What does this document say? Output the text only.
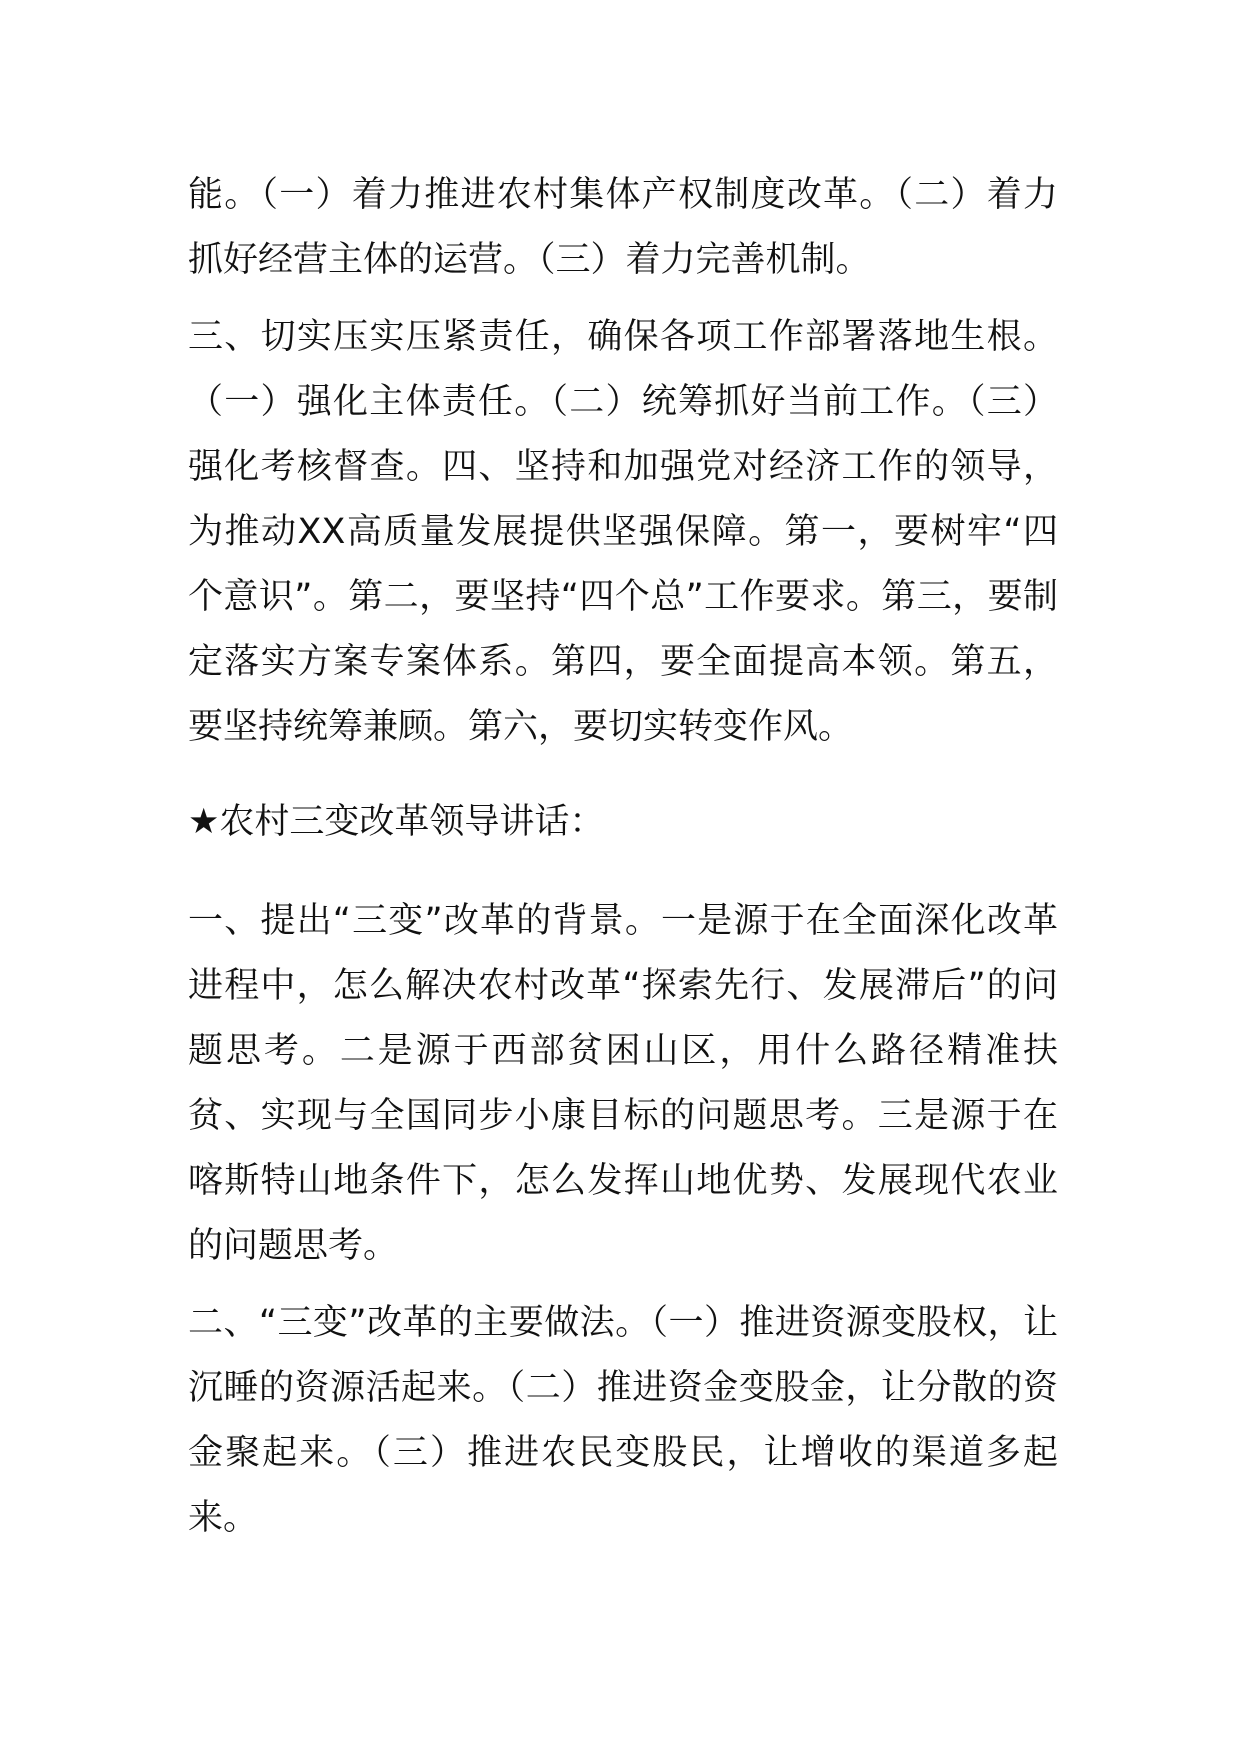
能。（一）着力推进农村集体产权制度改革。（二）着力抓好经营主体的运营。（三）着力完善机制。

三、切实压实压紧责任，确保各项工作部署落地生根。（一）强化主体责任。（二）统筹抓好当前工作。（三）强化考核督查。四、坚持和加强党对经济工作的领导，为推动XX高质量发展提供坚强保障。第一，要树牢“四个意识”。第二，要坚持“四个总”工作要求。第三，要制定落实方案专案体系。第四，要全面提高本领。第五，要坚持统筹兼顾。第六，要切实转变作风。

★农村三变改革领导讲话：

一、提出“三变”改革的背景。一是源于在全面深化改革进程中，怎么解决农村改革“探索先行、发展滞后”的问题思考。二是源于西部贫困山区，用什么路径精准扶贫、实现与全国同步小康目标的问题思考。三是源于在喀斯特山地条件下，怎么发挥山地优势、发展现代农业的问题思考。

二、“三变”改革的主要做法。（一）推进资源变股权，让沉睡的资源活起来。（二）推进资金变股金，让分散的资金聚起来。（三）推进农民变股民，让增收的渠道多起来。
